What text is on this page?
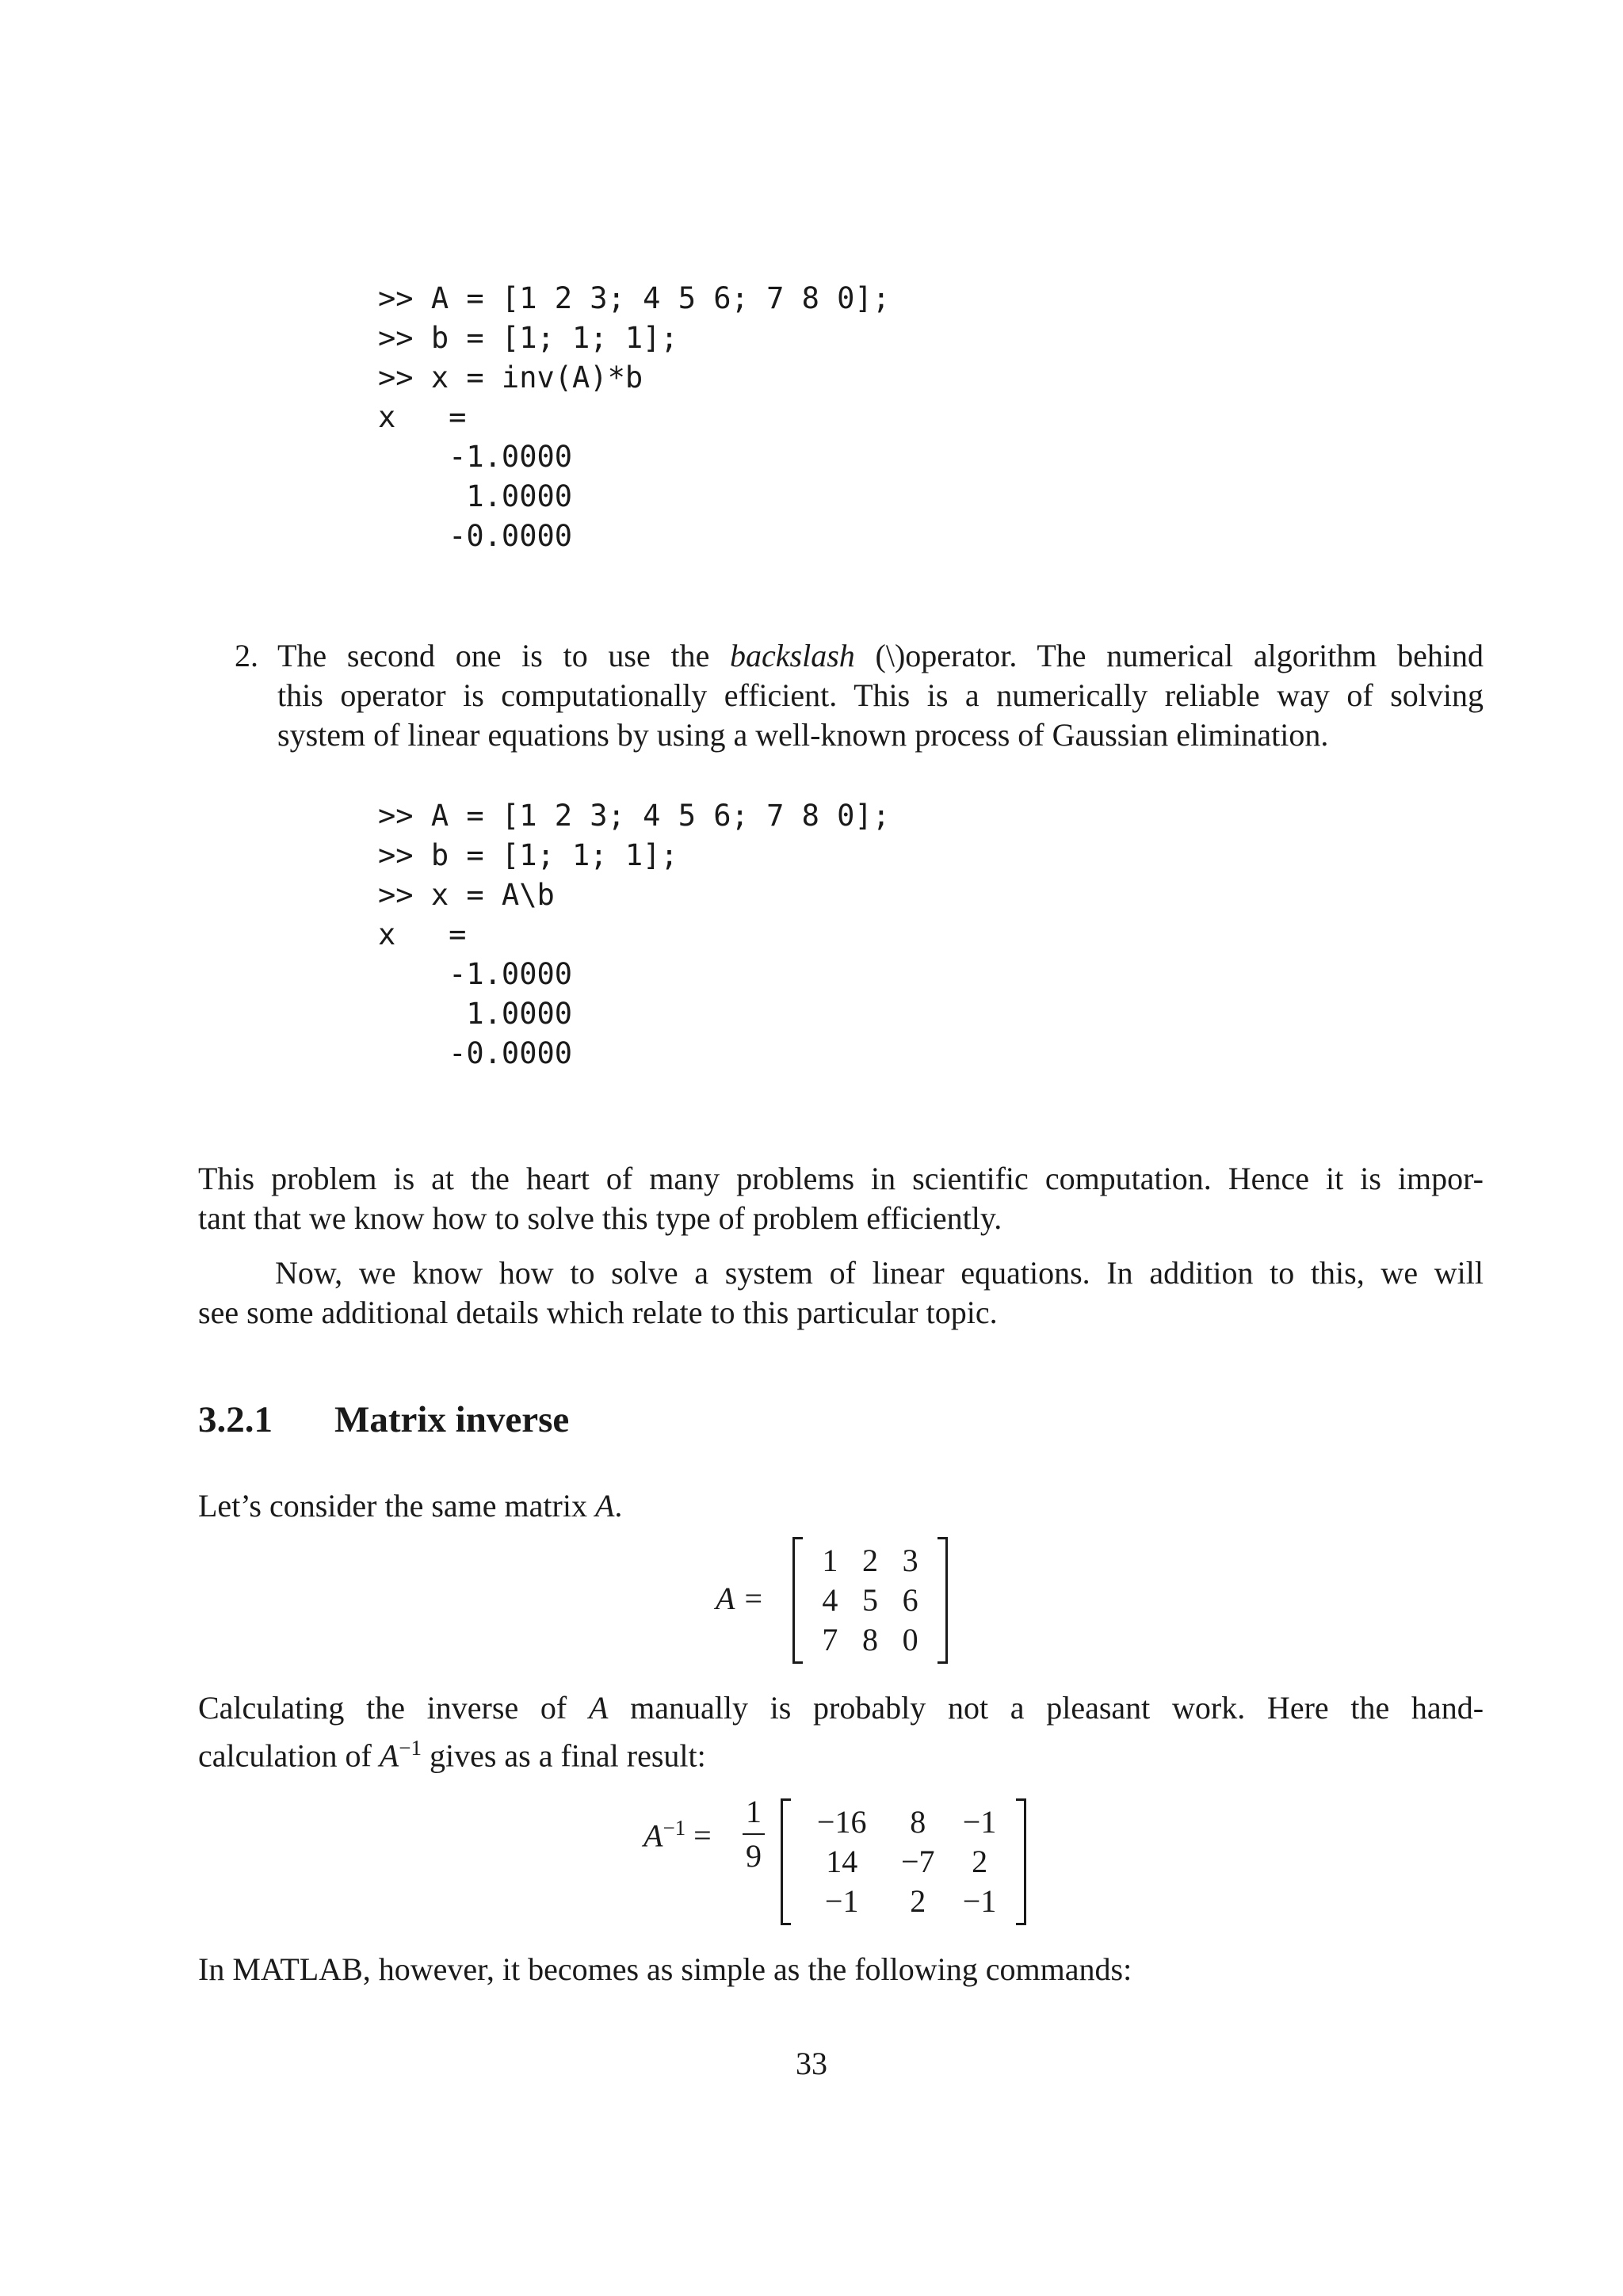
>> A = [1 2 3; 4 5 6; 7 8 0];
>> b = [1; 1; 1];
>> x = inv(A)*b
x   =
-1.0000
1.0000
-0.0000
2. The second one is to use the backslash (\)operator. The numerical algorithm behind
this operator is computationally efficient. This is a numerically reliable way of solving
system of linear equations by using a well-known process of Gaussian elimination.
>> A = [1 2 3; 4 5 6; 7 8 0];
>> b = [1; 1; 1];
>> x = A\b
x   =
-1.0000
1.0000
-0.0000
This problem is at the heart of many problems in scientific computation. Hence it is impor-
tant that we know how to solve this type of problem efficiently.
Now, we know how to solve a system of linear equations. In addition to this, we will
see some additional details which relate to this particular topic.
3.2.1 Matrix inverse
Let’s consider the same matrix A.
A =
1	2	3
4	5	6
7	8	0
Calculating the inverse of A manually is probably not a pleasant work. Here the hand-
calculation of $A^{-1}$ gives as a final result:
$A^{-1}$ =
1
9
−16	8	−1
14	−7	2
−1	2	−1
In MATLAB, however, it becomes as simple as the following commands:
33
